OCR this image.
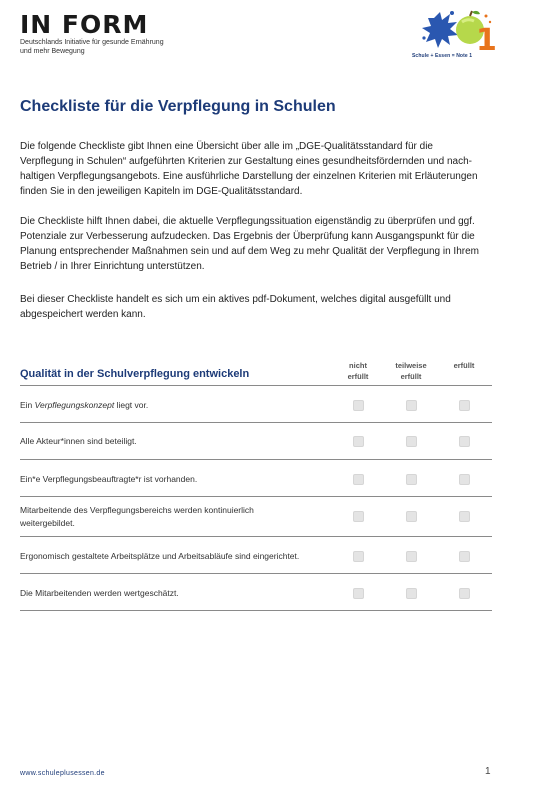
IN FORM
Deutschlands Initiative für gesunde Ernährung
und mehr Bewegung	1
Schule + Essen = Note 1
Checkliste für die Verpflegung in Schulen

Die folgende Checkliste gibt Ihnen eine Übersicht über alle im „DGE-Qualitätsstandard für die
Verpflegung in Schulen“ aufgeführten Kriterien zur Gestaltung eines gesundheitsfördernden und nach-
haltigen Verpflegungsangebots. Eine ausführliche Darstellung der einzelnen Kriterien mit Erläuterungen
finden Sie in den jeweiligen Kapiteln im DGE-Qualitätsstandard.

Die Checkliste hilft Ihnen dabei, die aktuelle Verpflegungssituation eigenständig zu überprüfen und ggf.
Potenziale zur Verbesserung aufzudecken. Das Ergebnis der Überprüfung kann Ausgangspunkt für die
Planung entsprechender Maßnahmen sein und auf dem Weg zu mehr Qualität der Verpflegung in Ihrem
Betrieb / in Ihrer Einrichtung unterstützen.

Bei dieser Checkliste handelt es sich um ein aktives pdf-Dokument, welches digital ausgefüllt und
abgespeichert werden kann.

Qualität in der Schulverpflegung entwickeln
nicht
erfüllt
teilweise
erfüllt
erfüllt
Ein Verpflegungskonzept liegt vor.
Alle Akteur*innen sind beteiligt.
Ein*e Verpflegungsbeauftragte*r ist vorhanden.
Mitarbeitende des Verpflegungsbereichs werden kontinuierlich weitergebildet.
Ergonomisch gestaltete Arbeitsplätze und Arbeitsabläufe sind eingerichtet.
Die Mitarbeitenden werden wertgeschätzt.

www.schuleplusessen.de	1
